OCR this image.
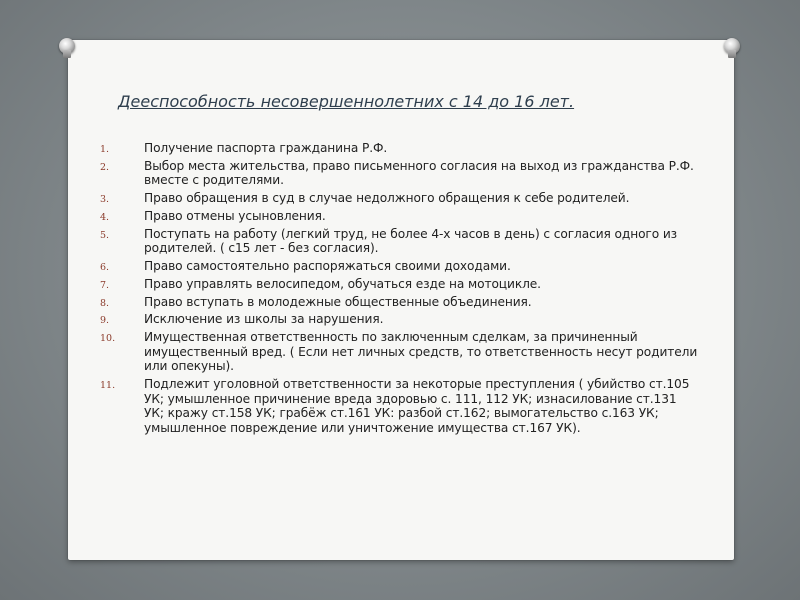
Дееспособность несовершеннолетних с 14 до 16 лет.
1.	Получение паспорта гражданина Р.Ф.
2.	Выбор места жительства, право письменного согласия на выход из гражданства Р.Ф. вместе с родителями.
3.	Право обращения в суд в случае недолжного обращения к себе родителей.
4.	Право отмены усыновления.
5.	Поступать на работу (легкий труд, не более 4-х часов в день) с согласия одного из родителей. ( с15 лет - без согласия).
6.	Право самостоятельно распоряжаться своими доходами.
7.	Право управлять велосипедом, обучаться езде на мотоцикле.
8.	Право вступать в молодежные общественные объединения.
9.	Исключение из школы за нарушения.
10.	Имущественная ответственность по заключенным сделкам, за причиненный имущественный вред. ( Если нет личных средств, то ответственность несут родители или опекуны).
11.	Подлежит уголовной ответственности за некоторые преступления ( убийство ст.105 УК; умышленное причинение вреда здоровью с. 111, 112 УК; изнасилование ст.131 УК; кражу ст.158 УК; грабёж ст.161 УК: разбой ст.162; вымогательство с.163 УК; умышленное повреждение или уничтожение имущества ст.167 УК).
